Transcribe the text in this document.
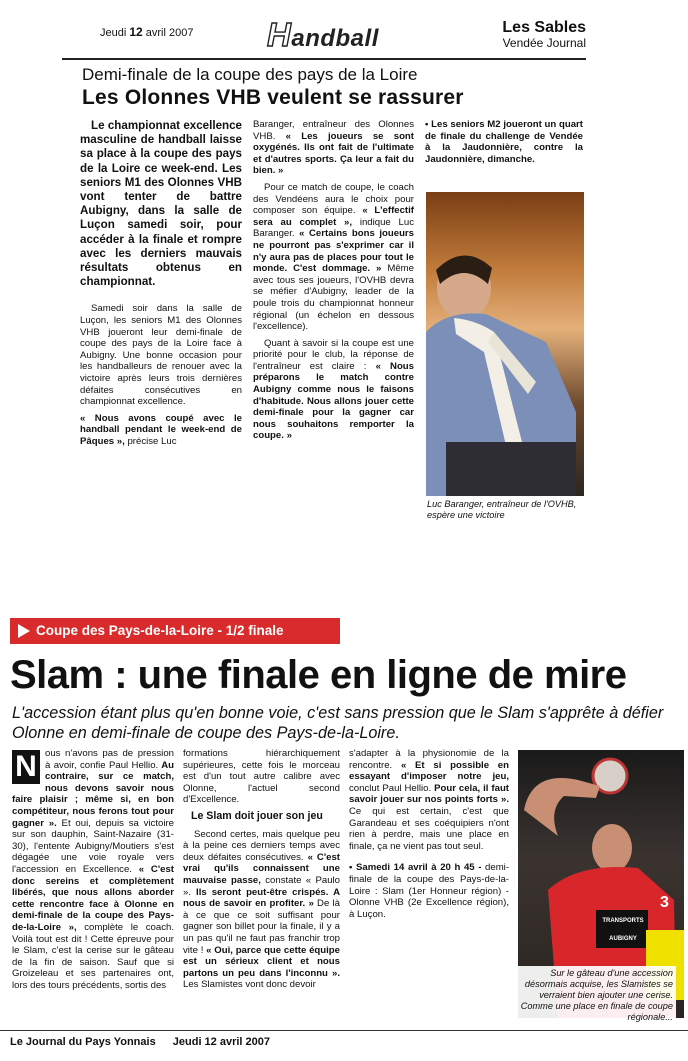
Jeudi 12 avril 2007 Handball	Les Sables
Vendée Journal
Demi-finale de la coupe des pays de la Loire
Les Olonnes VHB veulent se rassurer

Le championnat excellence masculine de handball laisse sa place à la coupe des pays de la Loire ce week-end. Les seniors M1 des Olonnes VHB vont tenter de battre Aubigny, dans la salle de Luçon samedi soir, pour accéder à la finale et rompre avec les derniers mauvais résultats obtenus en championnat.

Samedi soir dans la salle de Luçon, les seniors M1 des Olonnes VHB joueront leur demi-finale de coupe des pays de la Loire face à Aubigny. Une bonne occasion pour les handballeurs de renouer avec la victoire après leurs trois dernières défaites consécutives en championnat excellence.

« Nous avons coupé avec le handball pendant le week-end de Pâques », précise Luc

Baranger, entraîneur des Olonnes VHB. « Les joueurs se sont oxygénés. Ils ont fait de l'ultimate et d'autres sports. Ça leur a fait du bien. »

Pour ce match de coupe, le coach des Vendéens aura le choix pour composer son équipe. « L'effectif sera au complet », indique Luc Baranger. « Certains bons joueurs ne pourront pas s'exprimer car il n'y aura pas de places pour tout le monde. C'est dommage. » Même avec tous ses joueurs, l'OVHB devra se méfier d'Aubigny, leader de la poule trois du championnat honneur régional (un échelon en dessous l'excellence).

Quant à savoir si la coupe est une priorité pour le club, la réponse de l'entraîneur est claire : « Nous préparons le match contre Aubigny comme nous le faisons d'habitude. Nous allons jouer cette demi-finale pour la gagner car nous souhaitons remporter la coupe. »

• Les seniors M2 joueront un quart de finale du challenge de Vendée à la Jaudonnière, contre la Jaudonnière, dimanche.

Luc Baranger, entraîneur de l'OVHB, espère une victoire
Coupe des Pays-de-la-Loire - 1/2 finale
Slam : une finale en ligne de mire
L'accession étant plus qu'en bonne voie, c'est sans pression que le Slam s'apprête à défier Olonne en demi-finale de coupe des Pays-de-la-Loire.
N ous n'avons pas de pression à avoir, confie Paul Hellio. Au contraire, sur ce match, nous devons savoir nous faire plaisir ; même si, en bon compétiteur, nous ferons tout pour gagner ». Et oui, depuis sa victoire sur son dauphin, Saint-Nazaire (31-30), l'entente Aubigny/Moutiers s'est dégagée une voie royale vers l'accession en Excellence. « C'est donc sereins et complètement libérés, que nous allons aborder cette rencontre face à Olonne en demi-finale de la coupe des Pays-de-la-Loire », complète le coach. Voilà tout est dit ! Cette épreuve pour le Slam, c'est la cerise sur le gâteau de la fin de saison. Sauf que si Groizeleau et ses partenaires ont, lors des tours précédents, sortis des

formations hiérarchiquement supérieures, cette fois le morceau est d'un tout autre calibre avec Olonne, l'actuel second d'Excellence.

Le Slam doit jouer son jeu

Second certes, mais quelque peu à la peine ces derniers temps avec deux défaites consécutives. « C'est vrai qu'ils connaissent une mauvaise passe, constate « Paulo ». Ils seront peut-être crispés. A nous de savoir en profiter. » De là à ce que ce soit suffisant pour gagner son billet pour la finale, il y a un pas qu'il ne faut pas franchir trop vite ! « Oui, parce que cette équipe est un sérieux client et nous partons un peu dans l'inconnu ». Les Slamistes vont donc devoir

s'adapter à la physionomie de la rencontre. « Et si possible en essayant d'imposer notre jeu, conclut Paul Hellio. Pour cela, il faut savoir jouer sur nos points forts ». Ce qui est certain, c'est que Garandeau et ses coéquipiers n'ont rien à perdre, mais une place en finale, ça ne vient pas tout seul.

• Samedi 14 avril à 20 h 45 - demi-finale de la coupe des Pays-de-la-Loire : Slam (1er Honneur région) - Olonne VHB (2e Excellence région), à Luçon.

TRANSPORTS
AUBIGNY
3
Sur le gâteau d'une accession désormais acquise, les Slamistes se verraient bien ajouter une cerise. Comme une place en finale de coupe régionale...
Le Journal du Pays Yonnais Jeudi 12 avril 2007
